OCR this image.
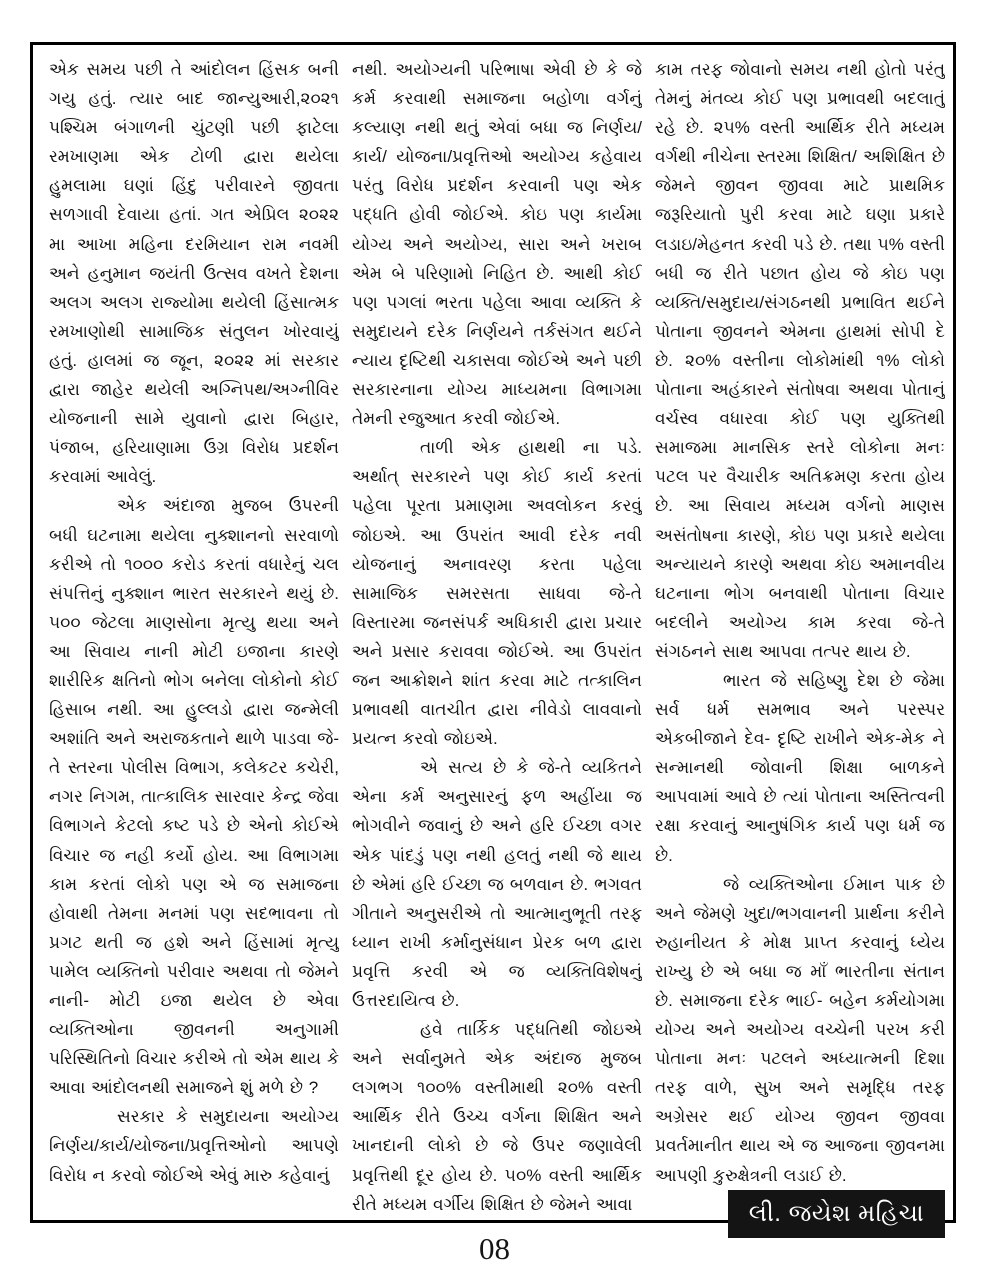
એક સમય પછી તે આંદોલન હિંસક બની ગયુ હતું. ત્યાર બાદ જાન્યુઆરી,૨૦૨૧ પશ્ચિમ બંગાળની ચુંટણી પછી ફાટેલા રમખાણમા એક ટોળી દ્વારા થયેલા હુમલામા ઘણાં હિંદુ પરીવારને જીવતા સળગાવી દેવાયા હતાં. ગત એપ્રિલ ૨૦૨૨ મા આખા મહિના દરમિયાન રામ નવમી અને હનુમાન જયંતી ઉત્સવ વખતે દેશના અલગ અલગ રાજ્યોમા થયેલી હિંસાત્મક રમખાણોથી સામાજિક સંતુલન ખોરવાયું હતું. હાલમાં જ જૂન, ૨૦૨૨ માં સરકાર દ્વારા જાહેર થયેલી અગ્નિપથ/અગ્નીવિર યોજનાની સામે યુવાનો દ્વારા બિહાર, પંજાબ, હરિયાણામા ઉગ્ર વિરોધ પ્રદર્શન કરવામાં આવેલું.

એક અંદાજા મુજબ ઉપરની બધી ઘટનામા થયેલા નુક્શાનનો સરવાળો કરીએ તો ૧૦૦૦ કરોડ કરતાં વધારેનું ચલ સંપત્તિનું નુક્શાન ભારત સરકારને થયું છે. ૫૦૦ જેટલા માણસોના મૃત્યુ થયા અને આ સિવાય નાની મોટી ઇજાના કારણે શારીરિક ક્ષતિનો ભોગ બનેલા લોકોનો કોઈ હિસાબ નથી. આ હુલ્લડો દ્વારા જન્મેલી અશાંતિ અને અરાજકતાને થાળે પાડવા જે-તે સ્તરના પોલીસ વિભાગ, કલેકટર કચેરી, નગર નિગમ, તાત્કાલિક સારવાર કેન્દ્ર જેવા વિભાગને કેટલો કષ્ટ પડે છે એનો કોઈએ વિચાર જ નહી કર્યો હોય. આ વિભાગમા કામ કરતાં લોકો પણ એ જ સમાજના હોવાથી તેમના મનમાં પણ સદભાવના તો પ્રગટ થતી જ હશે અને હિંસામાં મૃત્યુ પામેલ વ્યક્તિનો પરીવાર અથવા તો જેમને નાની- મોટી ઇજા થયેલ છે એવા વ્યક્તિઓના જીવનની અનુગામી પરિસ્થિતિનો વિચાર કરીએ તો એમ થાય કે આવા આંદોલનથી સમાજને શું મળે છે ?

સરકાર કે સમુદાયના અયોગ્ય નિર્ણય/કાર્ય/યોજના/પ્રવૃત્તિઓનો આપણે વિરોધ ન કરવો જોઈએ એવું મારુ કહેવાનું

નથી. અયોગ્યની પરિભાષા એવી છે કે જે કર્મ કરવાથી સમાજના બહોળા વર્ગનું કલ્યાણ નથી થતું એવાં બધા જ નિર્ણય/ કાર્ય/ યોજના/પ્રવૃત્તિઓ અયોગ્ય કહેવાય પરંતુ વિરોધ પ્રદર્શન કરવાની પણ એક પદ્ધતિ હોવી જોઈએ. કોઇ પણ કાર્યમા યોગ્ય અને અયોગ્ય, સારા અને ખરાબ એમ બે પરિણામો નિહિત છે. આથી કોઈ પણ પગલાં ભરતા પહેલા આવા વ્યક્તિ કે સમુદાયને દરેક નિર્ણયને તર્કસંગત થઈને ન્યાય દૃષ્ટિથી ચકાસવા જોઈએ અને પછી સરકારનાના યોગ્ય માધ્યમના વિભાગમા તેમની રજુઆત કરવી જોઈએ.

તાળી એક હાથથી ના પડે. અર્થાત્ સરકારને પણ કોઈ કાર્ય કરતાં પહેલા પૂરતા પ્રમાણમા અવલોકન કરવું જોઇએ. આ ઉપરાંત આવી દરેક નવી યોજનાનું અનાવરણ કરતા પહેલા સામાજિક સમરસતા સાધવા જે-તે વિસ્તારમા જનસંપર્ક અધિકારી દ્વારા પ્રચાર અને પ્રસાર કરાવવા જોઈએ. આ ઉપરાંત જન આક્રોશને શાંત કરવા માટે તત્કાલિન પ્રભાવથી વાતચીત દ્વારા નીવેડો લાવવાનો પ્રયત્ન કરવો જોઇએ.

એ સત્ય છે કે જે-તે વ્યકિતને એના કર્મ અનુસારનું ફળ અહીંયા જ ભોગવીને જવાનું છે અને હરિ ઈચ્છા વગર એક પાંદડું પણ નથી હલતું નથી જે થાય છે એમાં હરિ ઈચ્છા જ બળવાન છે. ભગવત ગીતાને અનુસરીએ તો આત્માનુભૂતી તરફ ધ્યાન રાખી કર્માનુસંધાન પ્રેરક બળ દ્વારા પ્રવૃત્તિ કરવી એ જ વ્યક્તિવિશેષનું ઉત્તરદાયિત્વ છે.

હવે તાર્કિક પદ્ધતિથી જોઇએ અને સર્વાનુમતે એક અંદાજ મુજબ લગભગ ૧૦૦% વસ્તીમાથી ૨૦% વસ્તી આર્થિક રીતે ઉચ્ચ વર્ગના શિક્ષિત અને ખાનદાની લોકો છે જે ઉપર જણાવેલી પ્રવૃત્તિથી દૂર હોય છે. ૫૦% વસ્તી આર્થિક રીતે મધ્યમ વર્ગીય શિક્ષિત છે જેમને આવા

કામ તરફ જોવાનો સમય નથી હોતો પરંતુ તેમનું મંતવ્ય કોઈ પણ પ્રભાવથી બદલાતું રહે છે. ૨૫% વસ્તી આર્થિક રીતે મધ્યમ વર્ગથી નીચેના સ્તરમા શિક્ષિત/ અશિક્ષિત છે જેમને જીવન જીવવા માટે પ્રાથમિક જરૂરિયાતો પુરી કરવા માટે ઘણા પ્રકારે લડાઇ/મેહનત કરવી પડે છે. તથા ૫% વસ્તી બધી જ રીતે પછાત હોય જે કોઇ પણ વ્યક્તિ/સમુદાય/સંગઠનથી પ્રભાવિત થઈને પોતાના જીવનને એમના હાથમાં સોપી દે છે. ૨૦% વસ્તીના લોકોમાંથી ૧% લોકો પોતાના અહંકારને સંતોષવા અથવા પોતાનું વર્ચસ્વ વધારવા કોઈ પણ યુક્તિથી સમાજમા માનસિક સ્તરે લોકોના મનઃ પટલ પર વૈચારીક અતિક્રમણ કરતા હોય છે. આ સિવાય મધ્યમ વર્ગનો માણસ અસંતોષના કારણે, કોઇ પણ પ્રકારે થયેલા અન્યાયને કારણે અથવા કોઇ અમાનવીય ઘટનાના ભોગ બનવાથી પોતાના વિચાર બદલીને અયોગ્ય કામ કરવા જે-તે સંગઠનને સાથ આપવા તત્પર થાય છે.

ભારત જે સહિષ્ણુ દેશ છે જેમા સર્વ ધર્મ સમભાવ અને પરસ્પર એકબીજાને દેવ- દૃષ્ટિ રાખીને એક-મેક ને સન્માનથી જોવાની શિક્ષા બાળકને આપવામાં આવે છે ત્યાં પોતાના અસ્તિત્વની રક્ષા કરવાનું આનુષંગિક કાર્ય પણ ધર્મ જ છે.

જે વ્યક્તિઓના ઈમાન પાક છે અને જેમણે ખુદા/ભગવાનની પ્રાર્થના કરીને રુહાનીયત કે મોક્ષ પ્રાપ્ત કરવાનું ધ્યેય રાખ્યુ છે એ બધા જ માઁ ભારતીના સંતાન છે. સમાજના દરેક ભાઈ- બહેન કર્મયોગમા યોગ્ય અને અયોગ્ય વચ્ચેની પરખ કરી પોતાના મનઃ પટલને અધ્યાત્મની દિશા તરફ વાળે, સુખ અને સમૃદ્ધિ તરફ અગ્રેસર થઈ યોગ્ય જીવન જીવવા પ્રવર્તમાનીત થાય એ જ આજના જીવનમા આપણી કુરુક્ષેત્રની લડાઈ છે.

લી. જયેશ મહિચા
08
